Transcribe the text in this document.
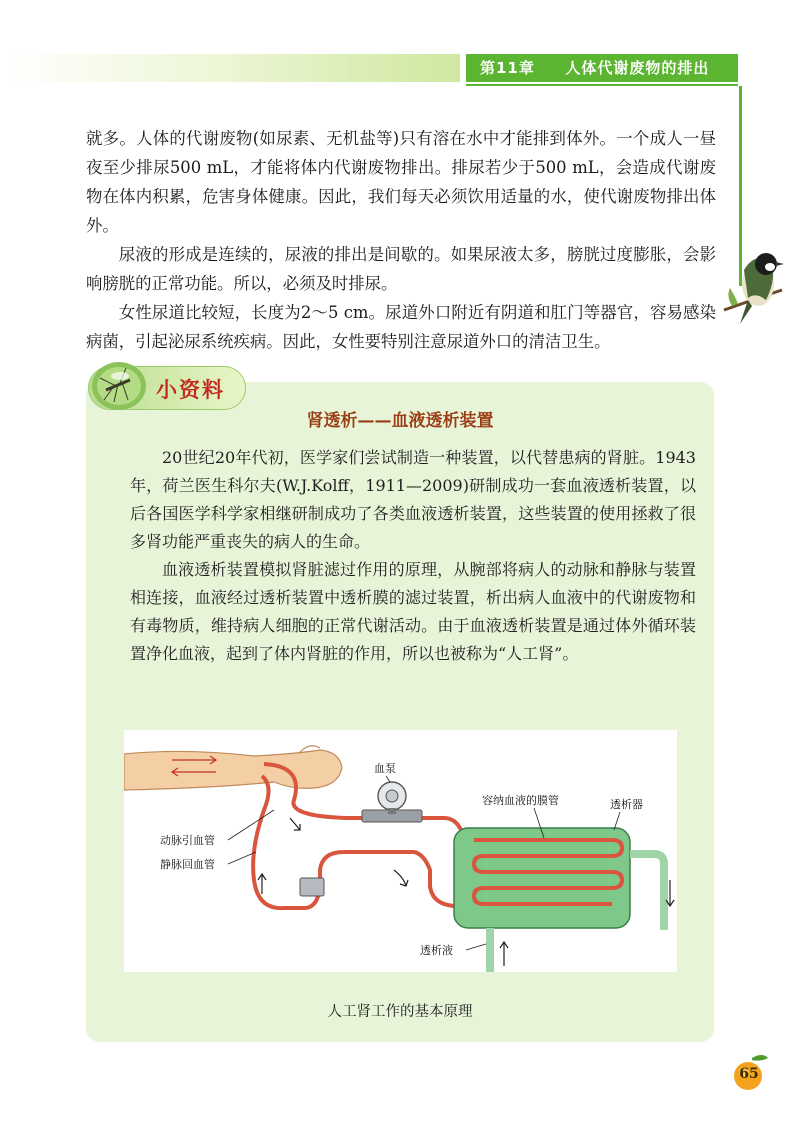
第11章 人体代谢废物的排出

就多。人体的代谢废物(如尿素、无机盐等)只有溶在水中才能排到体外。一个成人一昼夜至少排尿500 mL，才能将体内代谢废物排出。排尿若少于500 mL，会造成代谢废物在体内积累，危害身体健康。因此，我们每天必须饮用适量的水，使代谢废物排出体外。

尿液的形成是连续的，尿液的排出是间歇的。如果尿液太多，膀胱过度膨胀，会影响膀胱的正常功能。所以，必须及时排尿。

女性尿道比较短，长度为2～5 cm。尿道外口附近有阴道和肛门等器官，容易感染病菌，引起泌尿系统疾病。因此，女性要特别注意尿道外口的清洁卫生。

小资料
肾透析——血液透析装置

20世纪20年代初，医学家们尝试制造一种装置，以代替患病的肾脏。1943年，荷兰医生科尔夫(W.J.Kolff，1911—2009)研制成功一套血液透析装置，以后各国医学科学家相继研制成功了各类血液透析装置，这些装置的使用拯救了很多肾功能严重丧失的病人的生命。

血液透析装置模拟肾脏滤过作用的原理，从腕部将病人的动脉和静脉与装置相连接，血液经过透析装置中透析膜的滤过装置，析出病人血液中的代谢废物和有毒物质，维持病人细胞的正常代谢活动。由于血液透析装置是通过体外循环装置净化血液，起到了体内肾脏的作用，所以也被称为“人工肾”。

血泵
容纳血液的膜管	透析器
动脉引血管
静脉回血管
透析液
人工肾工作的基本原理
65
